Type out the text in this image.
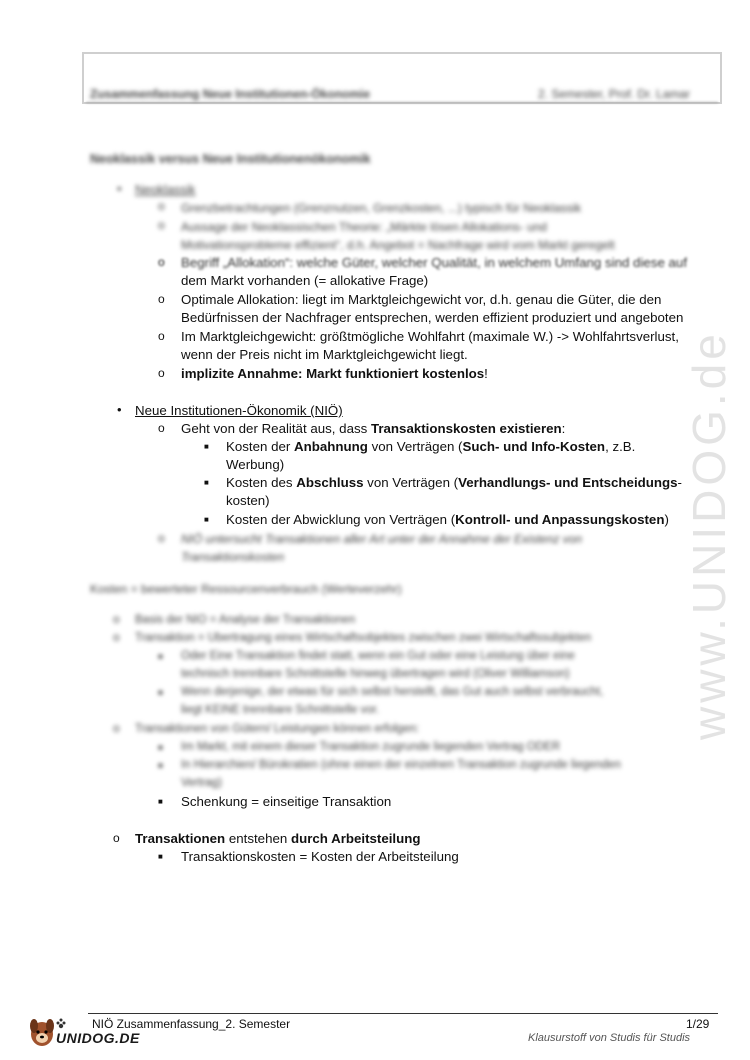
Zusammenfassung Neue Institutionen-Ökonomie	2. Semester, Prof. Dr. Lamar
www.UNIDOG.de
Neoklassik versus Neue Institutionenökonomik
• Neoklassik
o Grenzbetrachtungen (Grenznutzen, Grenzkosten, ...) typisch für Neoklassik
o Aussage der Neoklassischen Theorie: „Märkte lösen Allokations- und
Motivationsprobleme effizient“, d.h. Angebot = Nachfrage wird vom Markt geregelt
o Begriff „Allokation“: welche Güter, welcher Qualität, in welchem Umfang sind diese auf
dem Markt vorhanden (= allokative Frage)
o Optimale Allokation: liegt im Marktgleichgewicht vor, d.h. genau die Güter, die den
Bedürfnissen der Nachfrager entsprechen, werden effizient produziert und angeboten
o Im Marktgleichgewicht: größtmögliche Wohlfahrt (maximale W.) -> Wohlfahrtsverlust,
wenn der Preis nicht im Marktgleichgewicht liegt.
o implizite Annahme: Markt funktioniert kostenlos!
• Neue Institutionen-Ökonomik (NIÖ)
o Geht von der Realität aus, dass Transaktionskosten existieren:
■ Kosten der Anbahnung von Verträgen (Such- und Info-Kosten, z.B.
Werbung)
■ Kosten des Abschluss von Verträgen (Verhandlungs- und Entscheidungs-
kosten)
■ Kosten der Abwicklung von Verträgen (Kontroll- und Anpassungskosten)
o NIÖ untersucht Transaktionen aller Art unter der Annahme der Existenz von
Transaktionskosten
Kosten = bewerteter Ressourcenverbrauch (Werteverzehr)
o Basis der NIÖ = Analyse der Transaktionen
o Transaktion = Übertragung eines Wirtschaftsobjektes zwischen zwei Wirtschaftssubjekten
■ Oder Eine Transaktion findet statt, wenn ein Gut oder eine Leistung über eine
technisch trennbare Schnittstelle hinweg übertragen wird (Oliver Williamson)
■ Wenn derjenige, der etwas für sich selbst herstellt, das Gut auch selbst verbraucht,
liegt KEINE trennbare Schnittstelle vor.
o Transaktionen von Gütern/ Leistungen können erfolgen:
■ Im Markt, mit einem dieser Transaktion zugrunde liegenden Vertrag ODER
■ In Hierarchien/ Bürokratien (ohne einen der einzelnen Transaktion zugrunde liegenden
Vertrag)
■ Schenkung = einseitige Transaktion
o Transaktionen entstehen durch Arbeitsteilung
■ Transaktionskosten = Kosten der Arbeitsteilung
UNIDOG.DE
NIÖ Zusammenfassung_2. Semester	1/29
Klausurstoff von Studis für Studis
